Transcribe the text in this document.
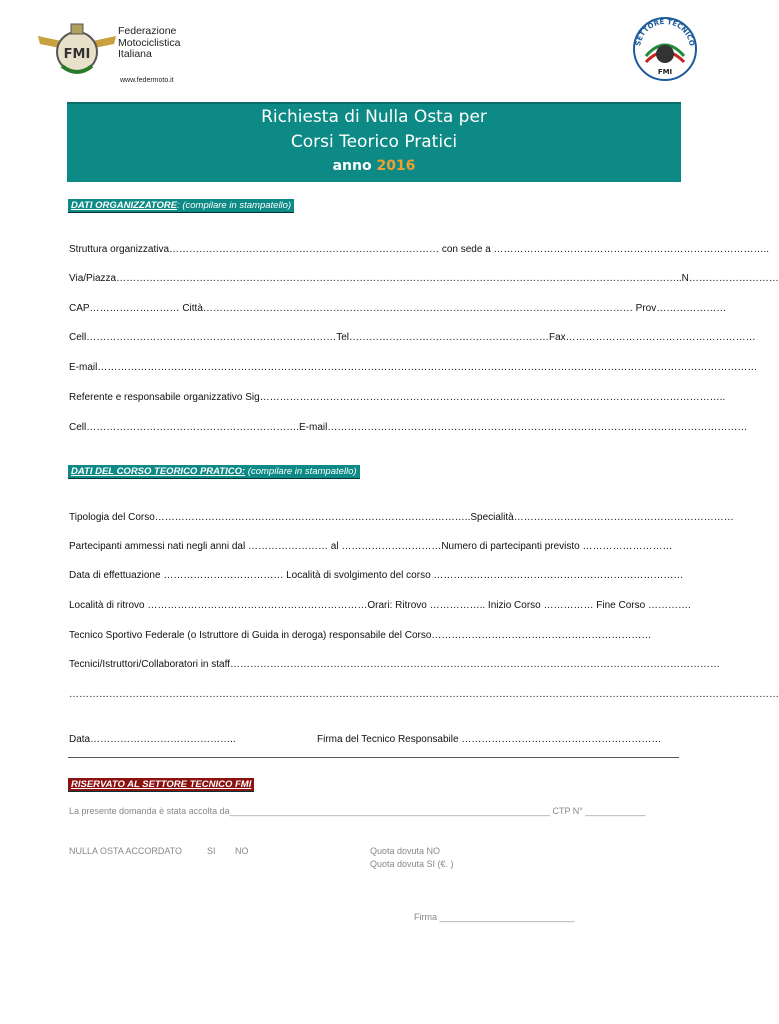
FMI
Federazione
Motociclistica
Italiana
www.federmoto.it
SETTORE TECNICO
FMI
Richiesta di Nulla Osta per
Corsi Teorico Pratici
anno 2016
DATI ORGANIZZATORE: (compilare in stampatello)
Struttura organizzativa……………………………………………………………………… con sede a ………………………………………………………………………..
Via/Piazza……………………………………………………………………………………………………………………………………………………..N………………………
CAP……………………… Città………………………………………………………………………………………………………………… Prov…………………
Cell…………………………………………………………………Tel……………………………………………………Fax…………………………………………………
E-mail………………………………………………………………………………………………………………………………………………………………………………
Referente e responsabile organizzativo Sig…………………………………………………………………………………………………………………………..
Cell……………………………………………………….E-mail………………………………………………………………………………………………………………
DATI DEL CORSO TEORICO PRATICO: (compilare in stampatello)
Tipologia del Corso…………………………………………………………………………………..Specialità…………………………………………………………
Partecipanti ammessi nati negli anni dal …………………… al …………………………Numero di partecipanti previsto ………………………
Data di effettuazione ……………………………… Località di svolgimento del corso …………………………………………………………………
Località di ritrovo …………………………………………………………Orari: Ritrovo …………….. Inizio Corso …………… Fine Corso ………….
Tecnico Sportivo Federale (o Istruttore di Guida in deroga) responsabile del Corso…………………………………………………………
Tecnici/Istruttori/Collaboratori in staff…………………………………………………………………………………………………………………………………
……………………………………………………………………………………………………………………………………………………………………………………………
Data……………………………………..	Firma del Tecnico Responsabile ……………………………………………………
RISERVATO AL SETTORE TECNICO FMI
La presente domanda è stata accolta da________________________________________________________________ CTP N° ____________
NULLA OSTA ACCORDATO	SI NO	Quota dovuta NO
Quota dovuta SI (€. )
Firma ___________________________
